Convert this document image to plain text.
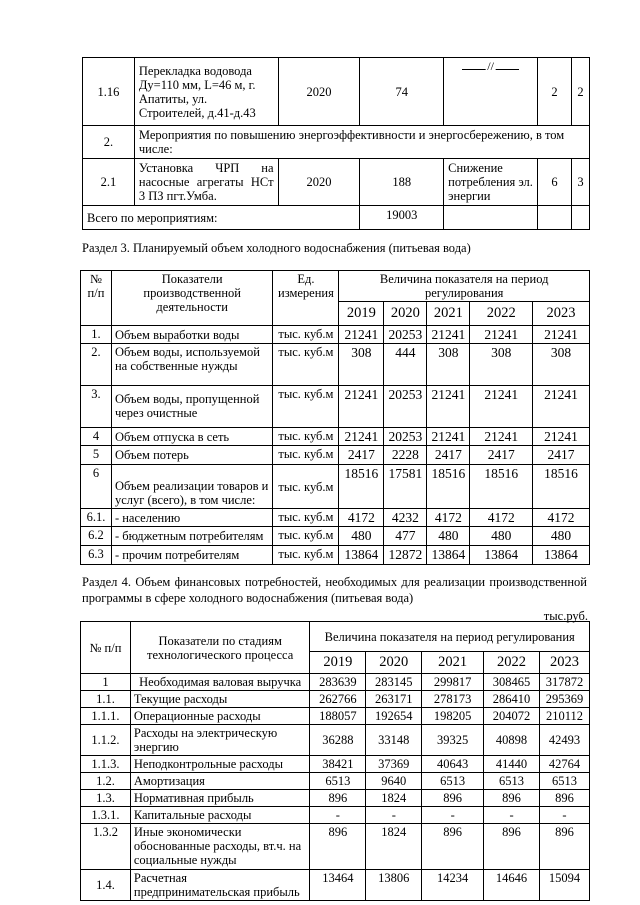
1.16	Перекладка водовода Ду=110 мм, L=46 м, г. Апатиты, ул. Строителей, д.41-д.43	2020	74	//	2	2
2.	Мероприятия по повышению энергоэффективности и энергосбережению, в том числе:					
2.1	Установка ЧРП на насосные агрегаты НСт 3 ПЗ пгт.Умба.	2020	188	Снижение потребления эл. энергии	6	3
Всего по мероприятиям:			19003			
Раздел 3. Планируемый объем холодного водоснабжения (питьевая вода)
№ п/п	Показатели производственной деятельности	Ед. измерения	Величина показателя на период регулирования				
			2019	2020	2021	2022	2023
1.	Объем выработки воды	тыс. куб.м	21241	20253	21241	21241	21241
2.	Объем воды, используемой на собственные нужды	тыс. куб.м	308	444	308	308	308
3.	Объем воды, пропущенной через очистные	тыс. куб.м	21241	20253	21241	21241	21241
4	Объем отпуска в сеть	тыс. куб.м	21241	20253	21241	21241	21241
5	Объем потерь	тыс. куб.м	2417	2228	2417	2417	2417
6	Объем реализации товаров и услуг (всего), в том числе:	тыс. куб.м	18516	17581	18516	18516	18516
6.1.	- населению	тыс. куб.м	4172	4232	4172	4172	4172
6.2	- бюджетным потребителям	тыс. куб.м	480	477	480	480	480
6.3	- прочим потребителям	тыс. куб.м	13864	12872	13864	13864	13864
Раздел 4. Объем финансовых потребностей, необходимых для реализации производственной программы в сфере холодного водоснабжения (питьевая вода)
тыс.руб.
№ п/п	Показатели по стадиям технологического процесса	Величина показателя на период регулирования				
		2019	2020	2021	2022	2023
1	Необходимая валовая выручка	283639	283145	299817	308465	317872
1.1.	Текущие расходы	262766	263171	278173	286410	295369
1.1.1.	Операционные расходы	188057	192654	198205	204072	210112
1.1.2.	Расходы на электрическую энергию	36288	33148	39325	40898	42493
1.1.3.	Неподконтрольные расходы	38421	37369	40643	41440	42764
1.2.	Амортизация	6513	9640	6513	6513	6513
1.3.	Нормативная прибыль	896	1824	896	896	896
1.3.1.	Капитальные расходы	-	-	-	-	-
1.3.2	Иные экономически обоснованные расходы, вт.ч. на социальные нужды	896	1824	896	896	896
1.4.	Расчетная предпринимательская прибыль	13464	13806	14234	14646	15094
